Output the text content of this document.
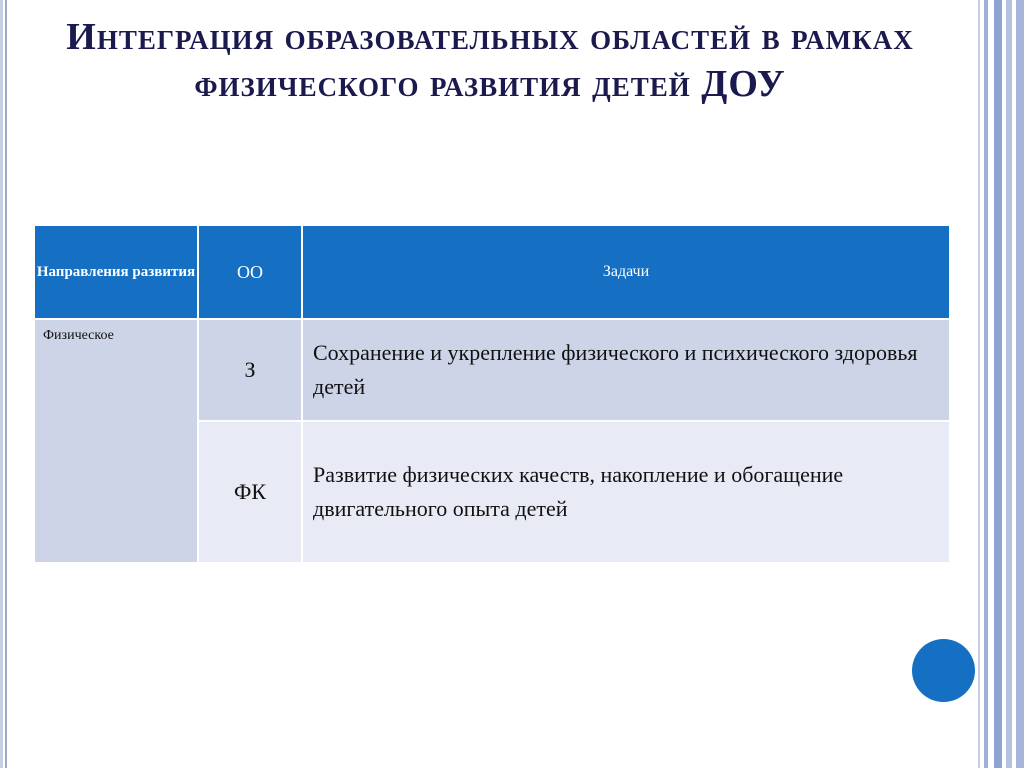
Интеграция образовательных областей в рамках физического развития детей ДОУ
Направления развития	ОО	Задачи
Физическое	З	Сохранение и укрепление физического и психического здоровья детей
	ФК	Развитие физических качеств, накопление и обогащение двигательного опыта детей
